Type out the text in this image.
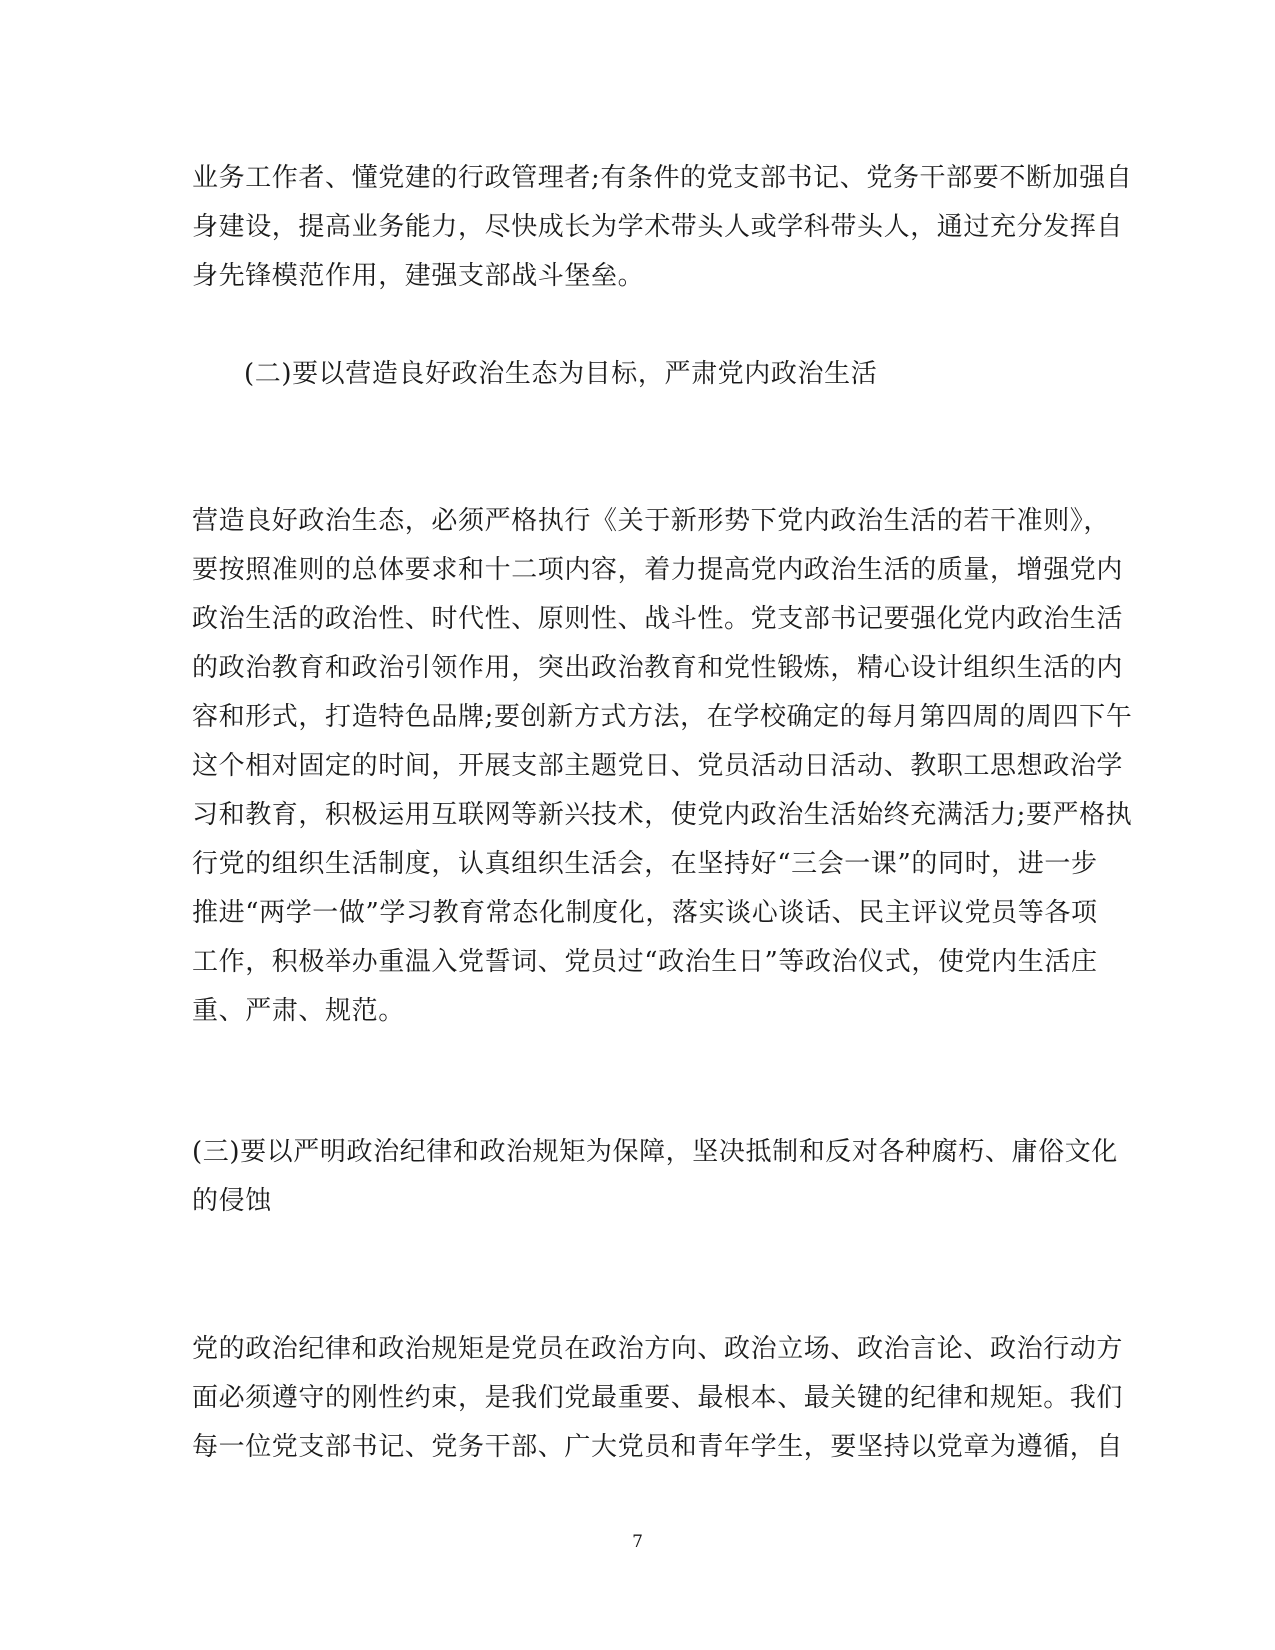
业务工作者、懂党建的行政管理者;有条件的党支部书记、党务干部要不断加强自
身建设，提高业务能力，尽快成长为学术带头人或学科带头人，通过充分发挥自
身先锋模范作用，建强支部战斗堡垒。
(二)要以营造良好政治生态为目标，严肃党内政治生活
营造良好政治生态，必须严格执行《关于新形势下党内政治生活的若干准则》，
要按照准则的总体要求和十二项内容，着力提高党内政治生活的质量，增强党内
政治生活的政治性、时代性、原则性、战斗性。党支部书记要强化党内政治生活
的政治教育和政治引领作用，突出政治教育和党性锻炼，精心设计组织生活的内
容和形式，打造特色品牌;要创新方式方法，在学校确定的每月第四周的周四下午
这个相对固定的时间，开展支部主题党日、党员活动日活动、教职工思想政治学
习和教育，积极运用互联网等新兴技术，使党内政治生活始终充满活力;要严格执
行党的组织生活制度，认真组织生活会，在坚持好“三会一课”的同时，进一步
推进“两学一做”学习教育常态化制度化，落实谈心谈话、民主评议党员等各项
工作，积极举办重温入党誓词、党员过“政治生日”等政治仪式，使党内生活庄
重、严肃、规范。
(三)要以严明政治纪律和政治规矩为保障，坚决抵制和反对各种腐朽、庸俗文化
的侵蚀
党的政治纪律和政治规矩是党员在政治方向、政治立场、政治言论、政治行动方
面必须遵守的刚性约束，是我们党最重要、最根本、最关键的纪律和规矩。我们
每一位党支部书记、党务干部、广大党员和青年学生，要坚持以党章为遵循，自
7
